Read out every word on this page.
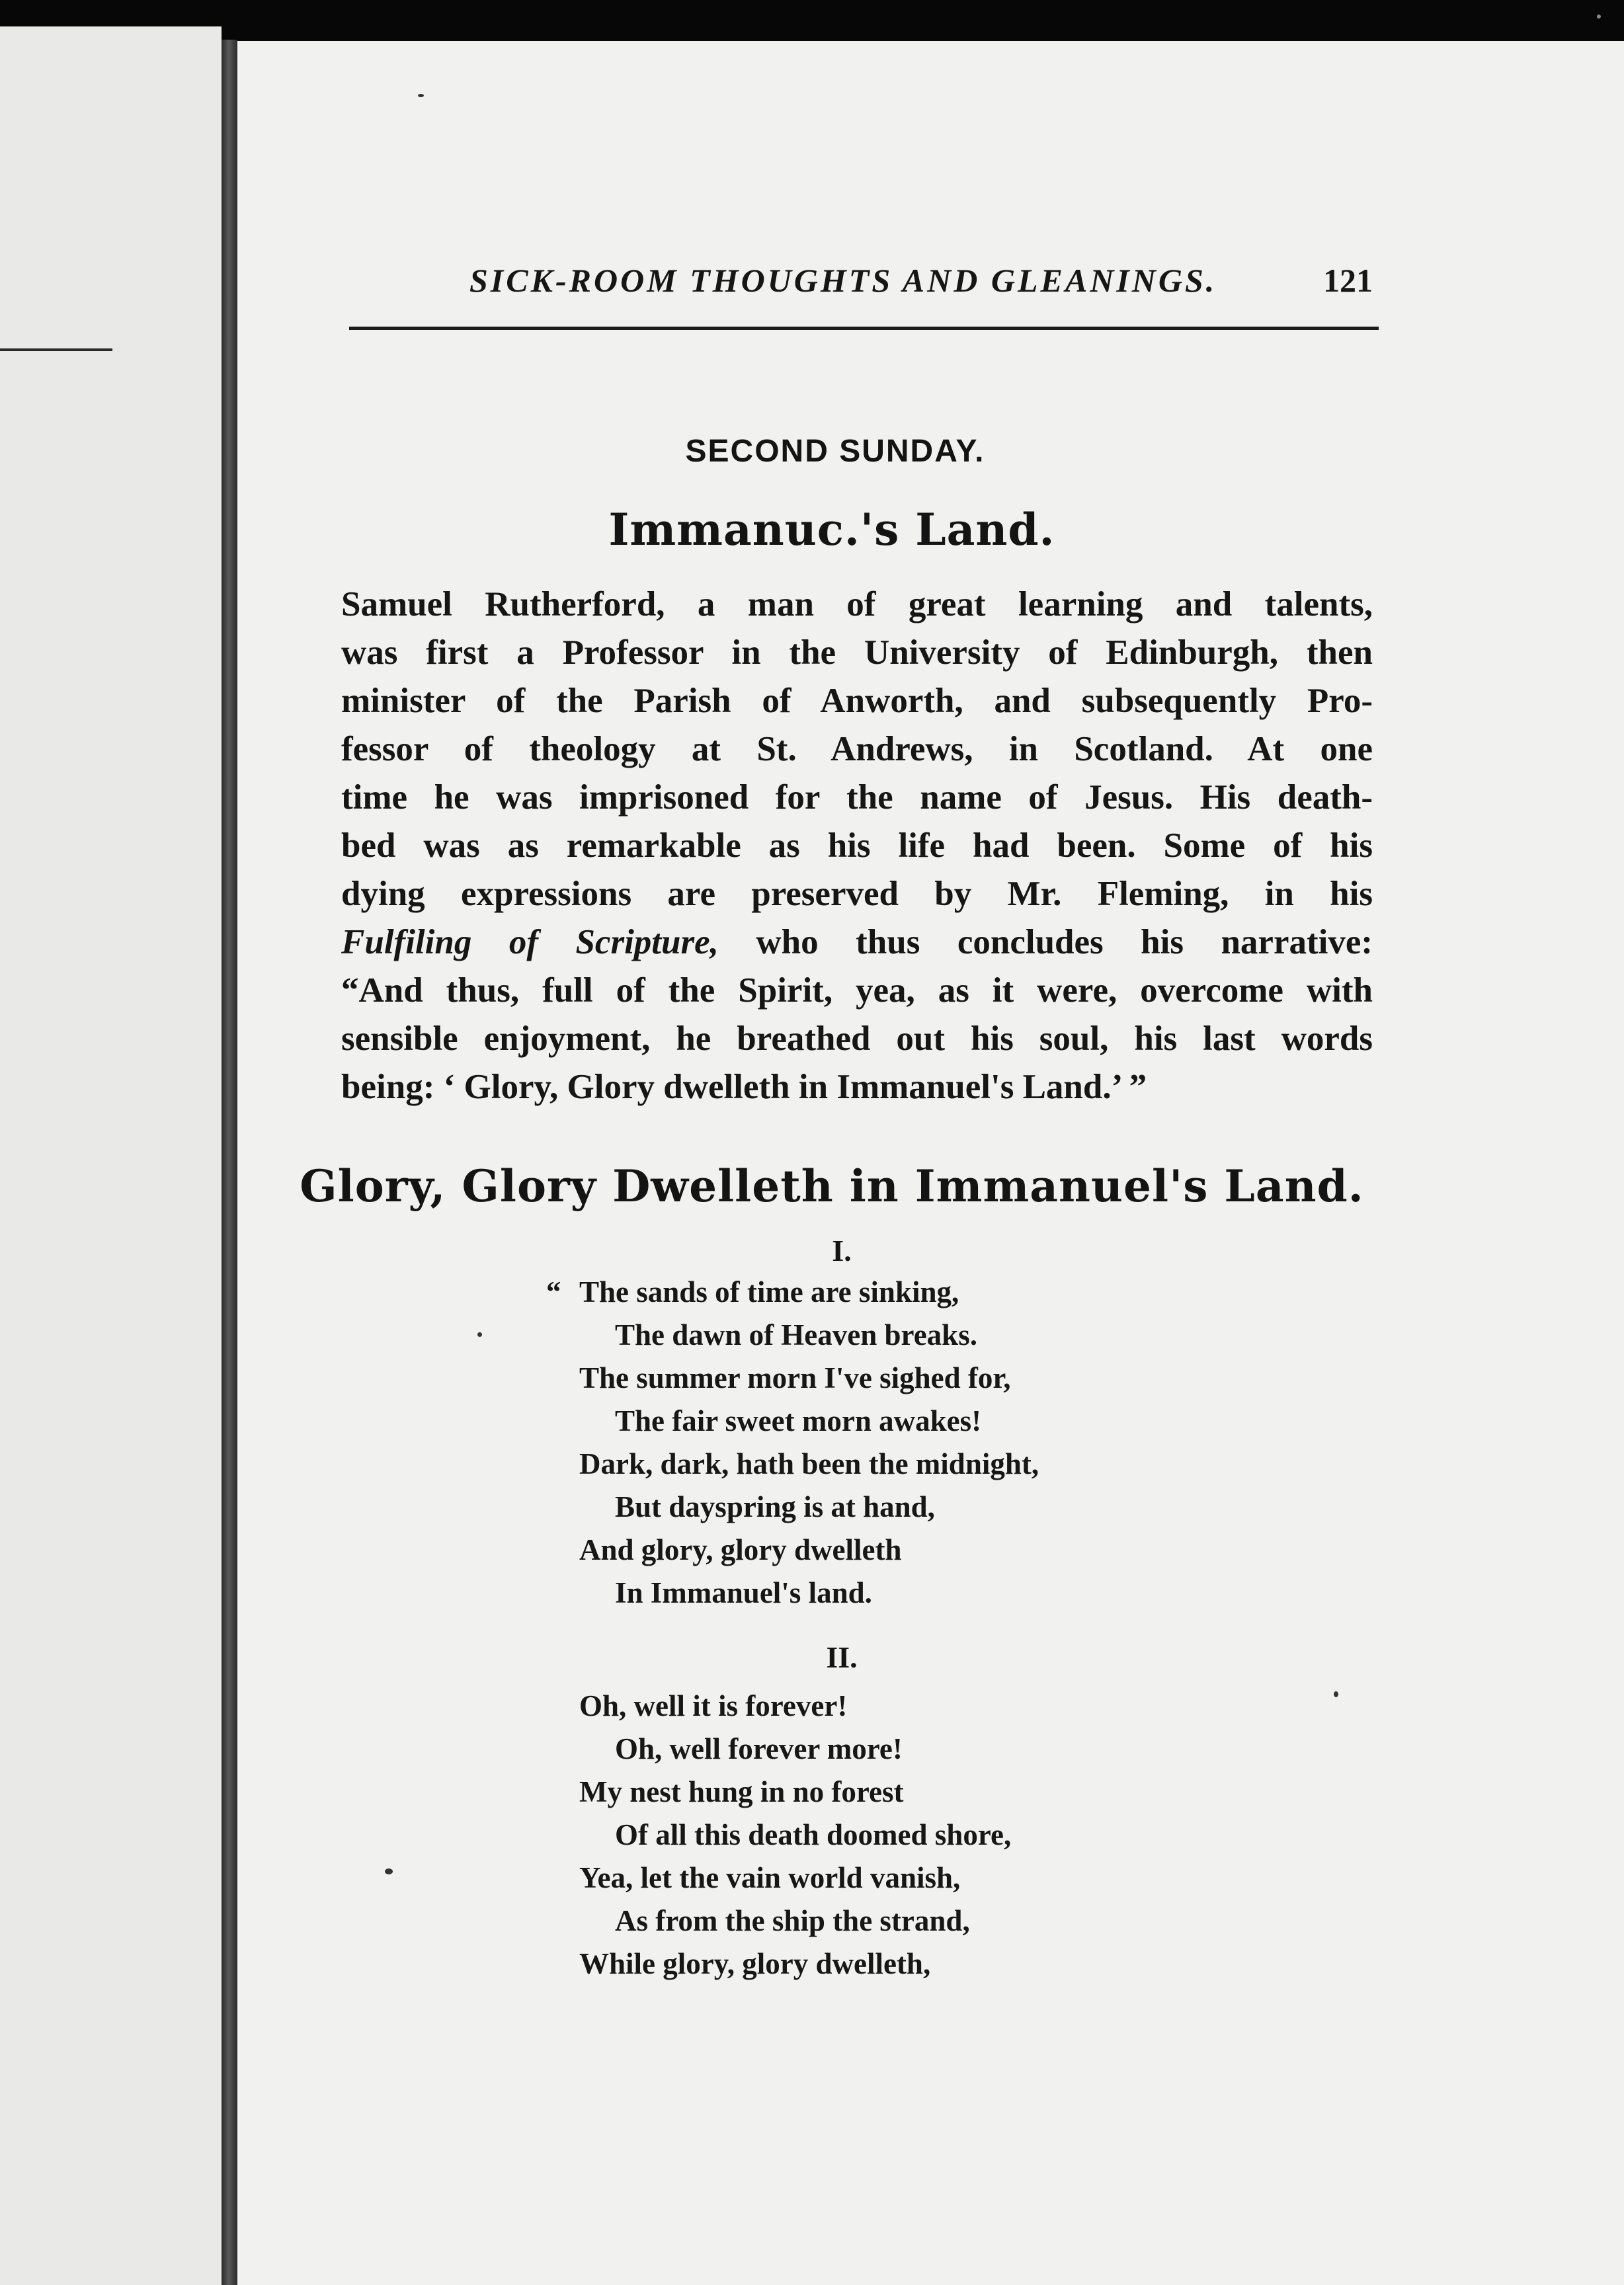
SICK-ROOM THOUGHTS AND GLEANINGS.	121
SECOND SUNDAY.
Immanuc.'s Land.
Samuel Rutherford, a man of great learning and talents,
was first a Professor in the University of Edinburgh, then
minister of the Parish of Anworth, and subsequently Pro-
fessor of theology at St. Andrews, in Scotland. At one
time he was imprisoned for the name of Jesus. His death-
bed was as remarkable as his life had been. Some of his
dying expressions are preserved by Mr. Fleming, in his
Fulfiling of Scripture, who thus concludes his narrative:
“And thus, full of the Spirit, yea, as it were, overcome with
sensible enjoyment, he breathed out his soul, his last words
being: ‘ Glory, Glory dwelleth in Immanuel's Land.’ ”
Glory, Glory Dwelleth in Immanuel's Land.
I.
“ The sands of time are sinking,
The dawn of Heaven breaks.
The summer morn I've sighed for,
The fair sweet morn awakes!
Dark, dark, hath been the midnight,
But dayspring is at hand,
And glory, glory dwelleth
In Immanuel's land.
II.
Oh, well it is forever!
Oh, well forever more!
My nest hung in no forest
Of all this death doomed shore,
Yea, let the vain world vanish,
As from the ship the strand,
While glory, glory dwelleth,
